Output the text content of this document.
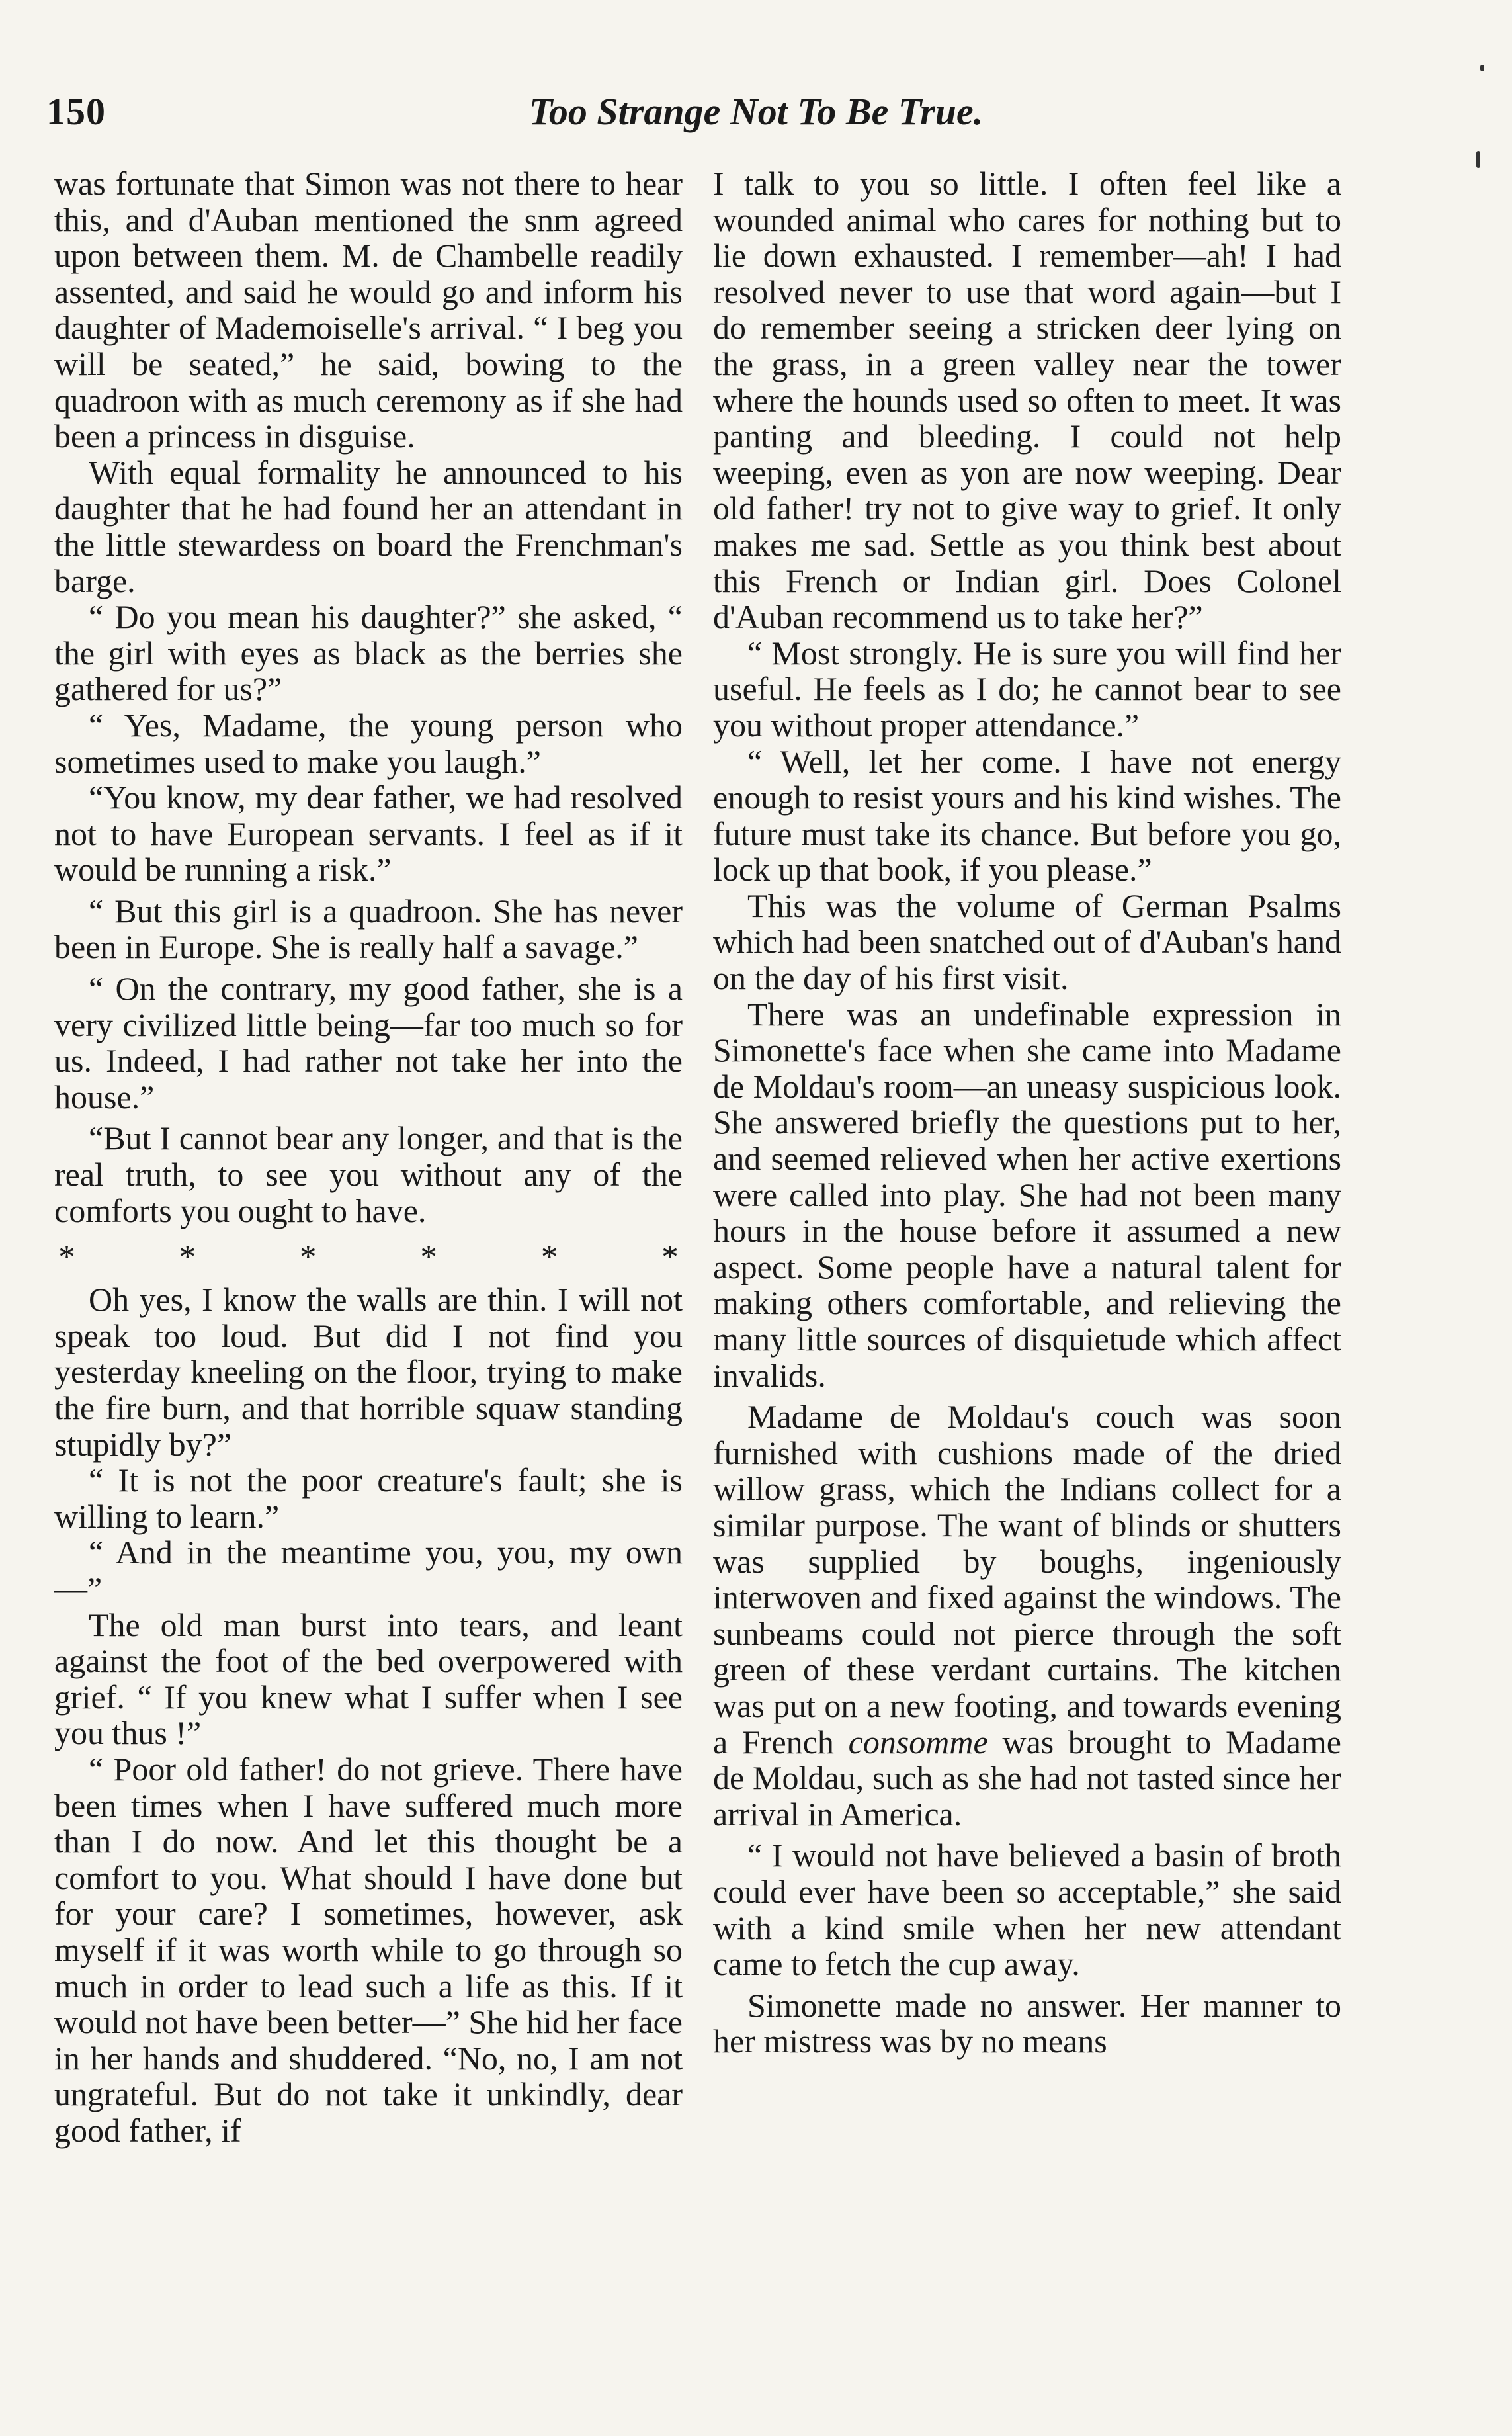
150	Too Strange Not To Be True.

was fortunate that Simon was not there to hear this, and d'Auban mentioned the snm agreed upon between them. M. de Chambelle readily assented, and said he would go and inform his daughter of Mademoiselle's arrival. “ I beg you will be seated,” he said, bowing to the quadroon with as much ceremony as if she had been a princess in disguise.

With equal formality he announced to his daughter that he had found her an attendant in the little stewardess on board the Frenchman's barge.

“ Do you mean his daughter?” she asked, “ the girl with eyes as black as the berries she gathered for us?”

“ Yes, Madame, the young person who sometimes used to make you laugh.”

“You know, my dear father, we had resolved not to have European servants. I feel as if it would be running a risk.”

“ But this girl is a quadroon. She has never been in Europe. She is really half a savage.”

“ On the contrary, my good father, she is a very civilized little being—far too much so for us. Indeed, I had rather not take her into the house.”

“But I cannot bear any longer, and that is the real truth, to see you without any of the comforts you ought to have.

*	*	*	*	*	*

Oh yes, I know the walls are thin. I will not speak too loud. But did I not find you yesterday kneeling on the floor, trying to make the fire burn, and that horrible squaw standing stupidly by?”

“ It is not the poor creature's fault; she is willing to learn.”

“ And in the meantime you, you, my own—”

The old man burst into tears, and leant against the foot of the bed overpowered with grief. “ If you knew what I suffer when I see you thus !”

“ Poor old father! do not grieve. There have been times when I have suffered much more than I do now. And let this thought be a comfort to you. What should I have done but for your care? I sometimes, however, ask myself if it was worth while to go through so much in order to lead such a life as this. If it would not have been better—” She hid her face in her hands and shuddered. “No, no, I am not ungrateful. But do not take it unkindly, dear good father, if

I talk to you so little. I often feel like a wounded animal who cares for nothing but to lie down exhausted. I remember—ah! I had resolved never to use that word again—but I do remember seeing a stricken deer lying on the grass, in a green valley near the tower where the hounds used so often to meet. It was panting and bleeding. I could not help weeping, even as yon are now weeping. Dear old father! try not to give way to grief. It only makes me sad. Settle as you think best about this French or Indian girl. Does Colonel d'Auban recommend us to take her?”

“ Most strongly. He is sure you will find her useful. He feels as I do; he cannot bear to see you without proper attendance.”

“ Well, let her come. I have not energy enough to resist yours and his kind wishes. The future must take its chance. But before you go, lock up that book, if you please.”

This was the volume of German Psalms which had been snatched out of d'Auban's hand on the day of his first visit.

There was an undefinable expression in Simonette's face when she came into Madame de Moldau's room—an uneasy suspicious look. She answered briefly the questions put to her, and seemed relieved when her active exertions were called into play. She had not been many hours in the house before it assumed a new aspect. Some people have a natural talent for making others comfortable, and relieving the many little sources of disquietude which affect invalids.

Madame de Moldau's couch was soon furnished with cushions made of the dried willow grass, which the Indians collect for a similar purpose. The want of blinds or shutters was supplied by boughs, ingeniously interwoven and fixed against the windows. The sunbeams could not pierce through the soft green of these verdant curtains. The kitchen was put on a new footing, and towards evening a French consomme was brought to Madame de Moldau, such as she had not tasted since her arrival in America.

“ I would not have believed a basin of broth could ever have been so acceptable,” she said with a kind smile when her new attendant came to fetch the cup away.

Simonette made no answer. Her manner to her mistress was by no means
